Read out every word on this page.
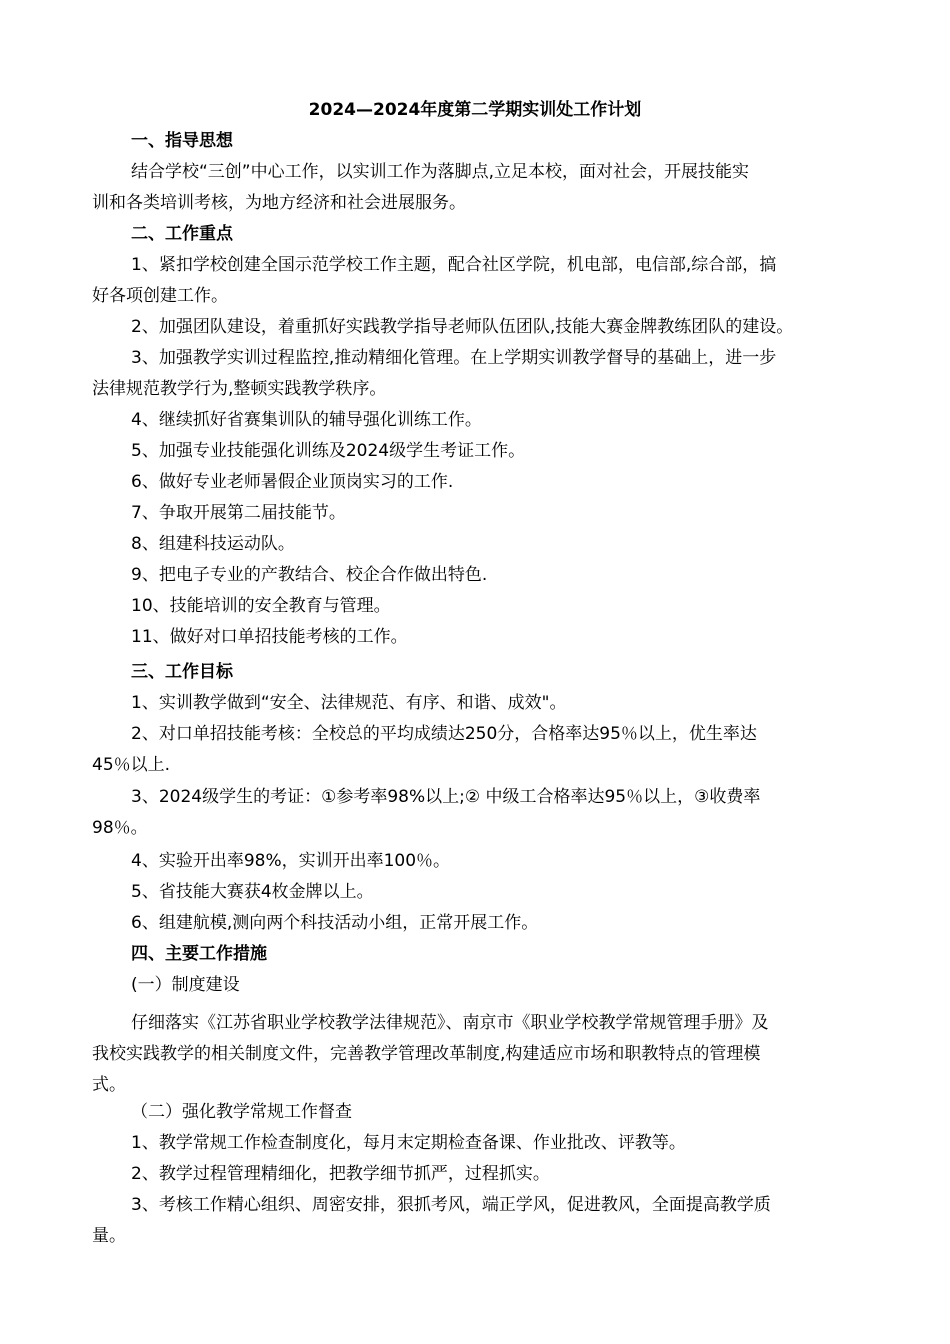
2024—2024年度第二学期实训处工作计划
一、指导思想
结合学校“三创”中心工作，以实训工作为落脚点,立足本校，面对社会，开展技能实
训和各类培训考核，为地方经济和社会进展服务。
二、工作重点
1、紧扣学校创建全国示范学校工作主题，配合社区学院，机电部，电信部,综合部，搞
好各项创建工作。
2、加强团队建设，着重抓好实践教学指导老师队伍团队,技能大赛金牌教练团队的建设。
3、加强教学实训过程监控,推动精细化管理。在上学期实训教学督导的基础上，进一步
法律规范教学行为,整顿实践教学秩序。
4、继续抓好省赛集训队的辅导强化训练工作。
5、加强专业技能强化训练及2024级学生考证工作。
6、做好专业老师暑假企业顶岗实习的工作.
7、争取开展第二届技能节。
8、组建科技运动队。
9、把电子专业的产教结合、校企合作做出特色.
10、技能培训的安全教育与管理。
11、做好对口单招技能考核的工作。
三、工作目标
1、实训教学做到“安全、法律规范、有序、和谐、成效"。
2、对口单招技能考核：全校总的平均成绩达250分，合格率达95％以上，优生率达
45％以上.
3、2024级学生的考证：①参考率98%以上;② 中级工合格率达95％以上，③收费率
98％。
4、实验开出率98%，实训开出率100％。
5、省技能大赛获4枚金牌以上。
6、组建航模,测向两个科技活动小组，正常开展工作。
四、主要工作措施
(一）制度建设
仔细落实《江苏省职业学校教学法律规范》、南京市《职业学校教学常规管理手册》及
我校实践教学的相关制度文件，完善教学管理改革制度,构建适应市场和职教特点的管理模
式。
（二）强化教学常规工作督查
1、教学常规工作检查制度化，每月末定期检查备课、作业批改、评教等。
2、教学过程管理精细化，把教学细节抓严，过程抓实。
3、考核工作精心组织、周密安排，狠抓考风，端正学风，促进教风，全面提高教学质
量。
